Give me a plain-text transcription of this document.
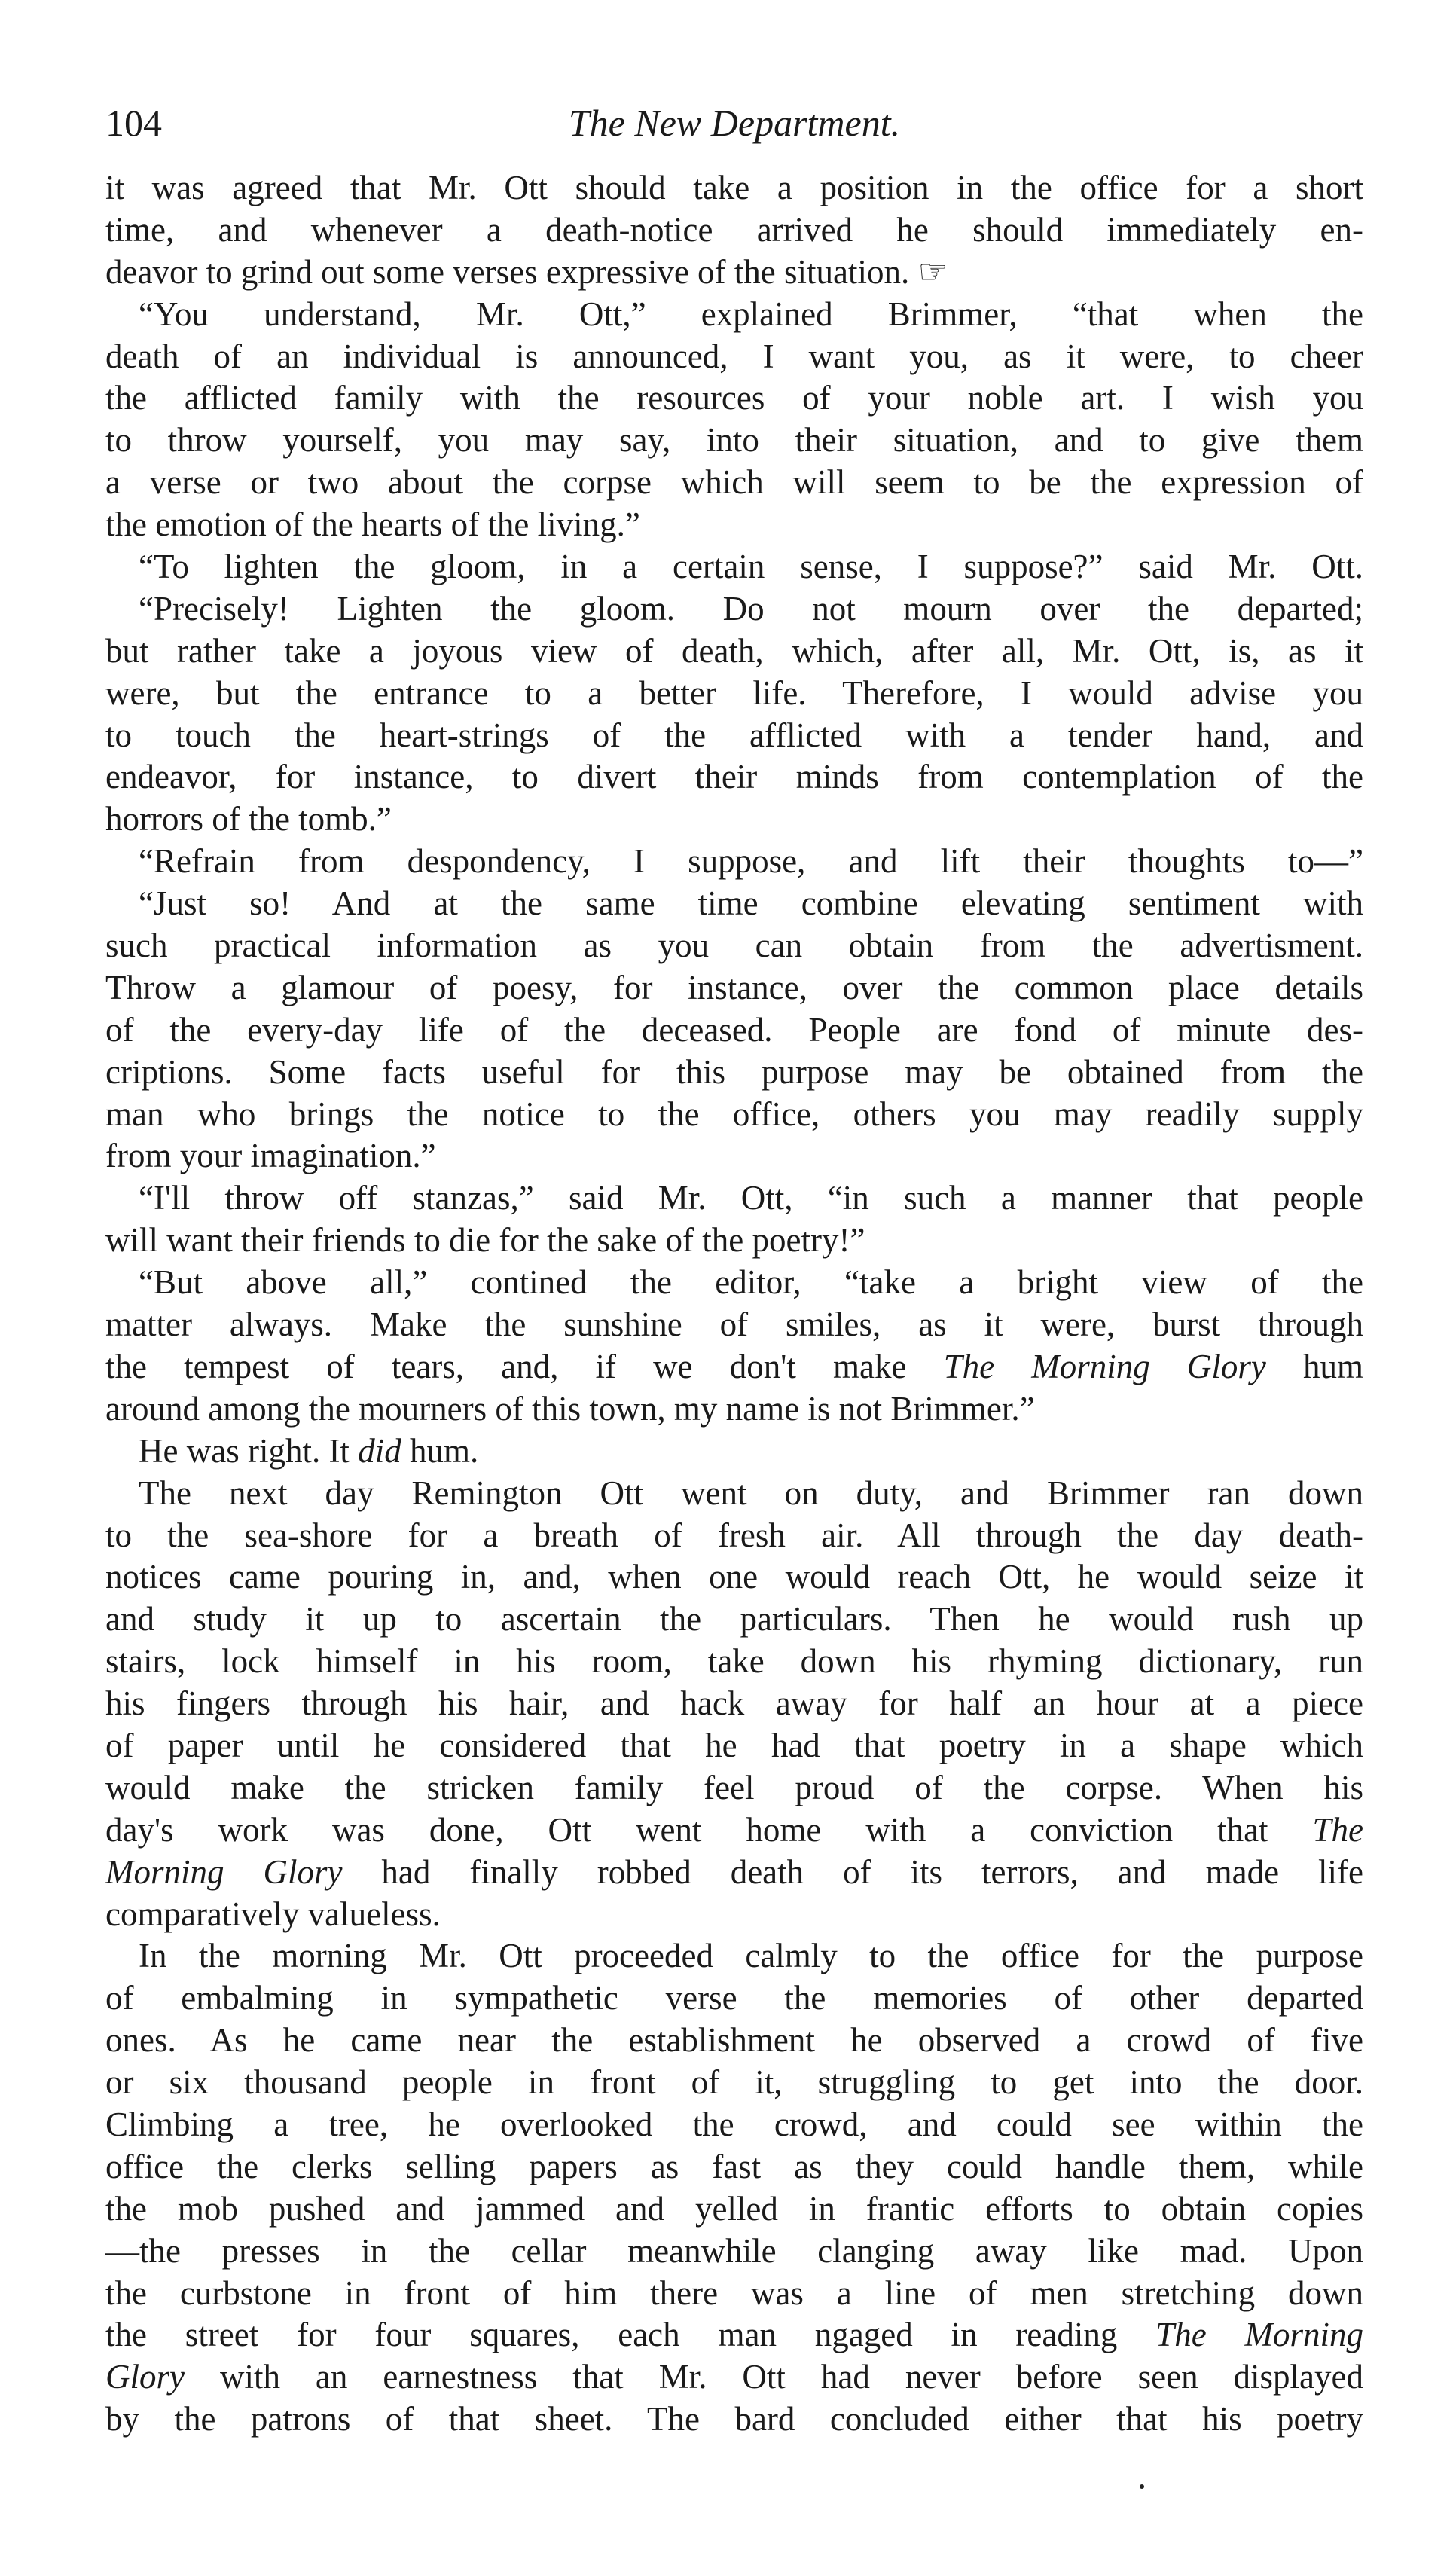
104	The New Department.
it was agreed that Mr. Ott should take a position in the office for a short
time, and whenever a death-notice arrived he should immediately en-
deavor to grind out some verses expressive of the situation. ☞
“You understand, Mr. Ott,” explained Brimmer, “that when the
death of an individual is announced, I want you, as it were, to cheer
the afflicted family with the resources of your noble art. I wish you
to throw yourself, you may say, into their situation, and to give them
a verse or two about the corpse which will seem to be the expression of
the emotion of the hearts of the living.”
“To lighten the gloom, in a certain sense, I suppose?” said Mr. Ott.
“Precisely! Lighten the gloom. Do not mourn over the departed;
but rather take a joyous view of death, which, after all, Mr. Ott, is, as it
were, but the entrance to a better life. Therefore, I would advise you
to touch the heart-strings of the afflicted with a tender hand, and
endeavor, for instance, to divert their minds from contemplation of the
horrors of the tomb.”
“Refrain from despondency, I suppose, and lift their thoughts to—”
“Just so! And at the same time combine elevating sentiment with
such practical information as you can obtain from the advertisment.
Throw a glamour of poesy, for instance, over the common place details
of the every-day life of the deceased. People are fond of minute des-
criptions. Some facts useful for this purpose may be obtained from the
man who brings the notice to the office, others you may readily supply
from your imagination.”
“I'll throw off stanzas,” said Mr. Ott, “in such a manner that people
will want their friends to die for the sake of the poetry!”
“But above all,” contined the editor, “take a bright view of the
matter always. Make the sunshine of smiles, as it were, burst through
the tempest of tears, and, if we don't make The Morning Glory hum
around among the mourners of this town, my name is not Brimmer.”
He was right. It did hum.
The next day Remington Ott went on duty, and Brimmer ran down
to the sea-shore for a breath of fresh air. All through the day death-
notices came pouring in, and, when one would reach Ott, he would seize it
and study it up to ascertain the particulars. Then he would rush up
stairs, lock himself in his room, take down his rhyming dictionary, run
his fingers through his hair, and hack away for half an hour at a piece
of paper until he considered that he had that poetry in a shape which
would make the stricken family feel proud of the corpse. When his
day's work was done, Ott went home with a conviction that The
Morning Glory had finally robbed death of its terrors, and made life
comparatively valueless.
In the morning Mr. Ott proceeded calmly to the office for the purpose
of embalming in sympathetic verse the memories of other departed
ones. As he came near the establishment he observed a crowd of five
or six thousand people in front of it, struggling to get into the door.
Climbing a tree, he overlooked the crowd, and could see within the
office the clerks selling papers as fast as they could handle them, while
the mob pushed and jammed and yelled in frantic efforts to obtain copies
—the presses in the cellar meanwhile clanging away like mad. Upon
the curbstone in front of him there was a line of men stretching down
the street for four squares, each man ngaged in reading The Morning
Glory with an earnestness that Mr. Ott had never before seen displayed
by the patrons of that sheet. The bard concluded either that his poetry
